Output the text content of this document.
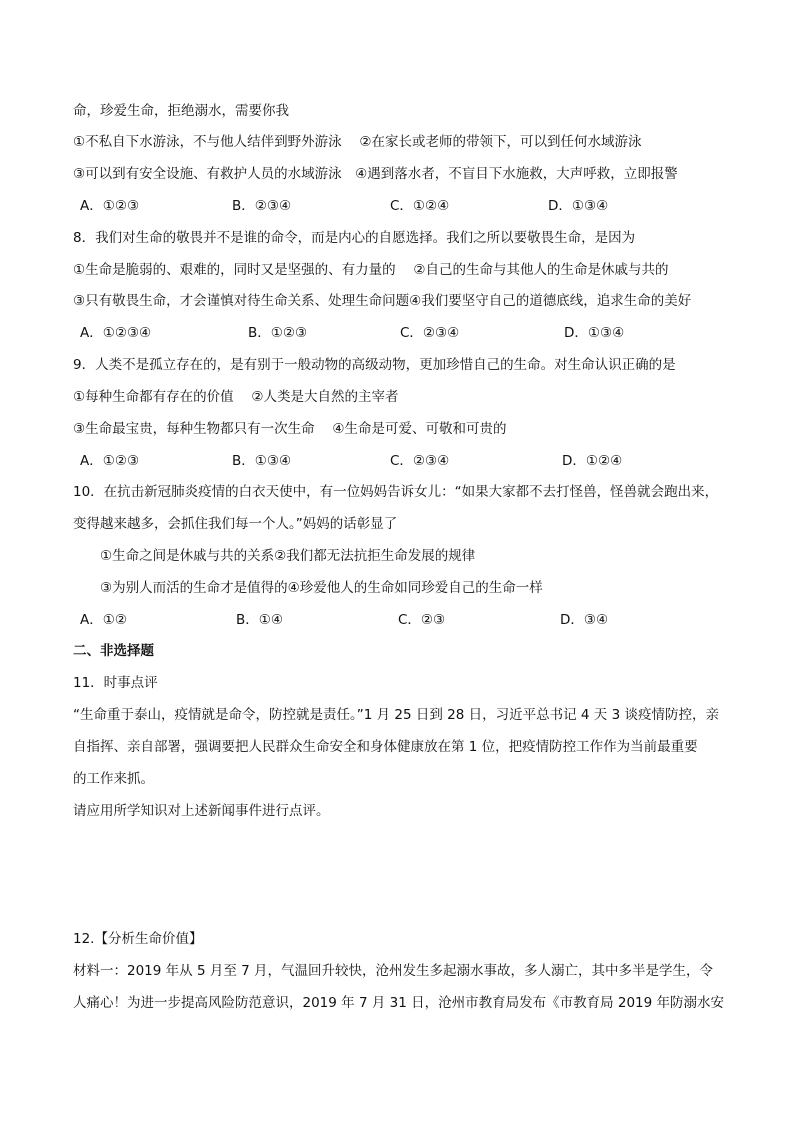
命，珍爱生命，拒绝溺水，需要你我
①不私自下水游泳，不与他人结伴到野外游泳　 ②在家长或老师的带领下，可以到任何水域游泳
③可以到有安全设施、有救护人员的水域游泳　④遇到落水者，不盲目下水施救，大声呼救，立即报警
A．①②③	B．②③④	C．①②④	D．①③④
8．我们对生命的敬畏并不是谁的命令，而是内心的自愿选择。我们之所以要敬畏生命，是因为
①生命是脆弱的、艰难的，同时又是坚强的、有力量的　 ②自己的生命与其他人的生命是休戚与共的
③只有敬畏生命，才会谨慎对待生命关系、处理生命问题④我们要坚守自己的道德底线，追求生命的美好
A．①②③④	B．①②③	C．②③④	D．①③④
9．人类不是孤立存在的，是有别于一般动物的高级动物，更加珍惜自己的生命。对生命认识正确的是
①每种生命都有存在的价值　 ②人类是大自然的主宰者
③生命最宝贵，每种生物都只有一次生命　 ④生命是可爱、可敬和可贵的
A．①②③	B．①③④	C．②③④	D．①②④
10．在抗击新冠肺炎疫情的白衣天使中，有一位妈妈告诉女儿：“如果大家都不去打怪兽，怪兽就会跑出来，
变得越来越多，会抓住我们每一个人。”妈妈的话彰显了
①生命之间是休戚与共的关系②我们都无法抗拒生命发展的规律
③为别人而活的生命才是值得的④珍爱他人的生命如同珍爱自己的生命一样
A．①②	B．①④	C．②③	D．③④
二、非选择题
11．时事点评
“生命重于泰山，疫情就是命令，防控就是责任。”1 月 25 日到 28 日，习近平总书记 4 天 3 谈疫情防控，亲
自指挥、亲自部署，强调要把人民群众生命安全和身体健康放在第 1 位，把疫情防控工作作为当前最重要
的工作来抓。
请应用所学知识对上述新闻事件进行点评。
12.【分析生命价值】
材料一：2019 年从 5 月至 7 月，气温回升较快，沧州发生多起溺水事故，多人溺亡，其中多半是学生，令
人痛心！为进一步提高风险防范意识，2019 年 7 月 31 日，沧州市教育局发布《市教育局 2019 年防溺水安
